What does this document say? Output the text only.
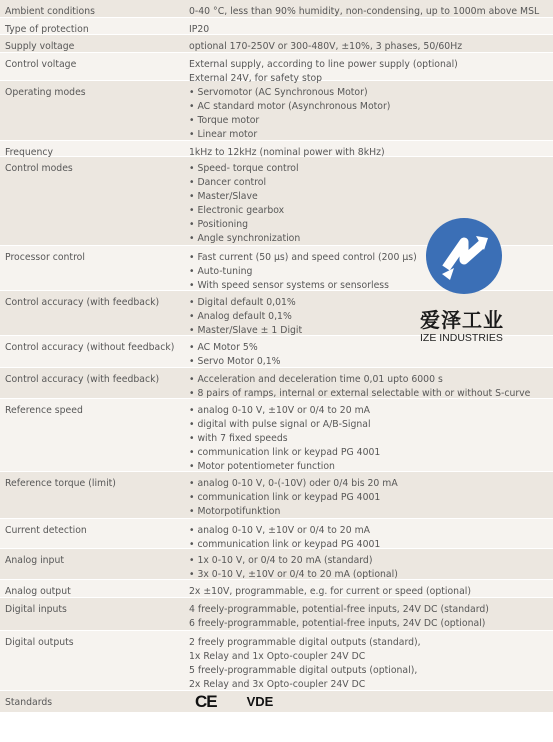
Ambient conditions	0-40 °C, less than 90% humidity, non-condensing, up to 1000m above MSL
Type of protection	IP20
Supply voltage	optional 170-250V or 300-480V, ±10%, 3 phases, 50/60Hz
Control voltage	External supply, according to line power supply (optional)
External 24V, for safety stop
Operating modes	• Servomotor (AC Synchronous Motor)
• AC standard motor (Asynchronous Motor)
• Torque motor
• Linear motor
Frequency	1kHz to 12kHz (nominal power with 8kHz)
Control modes	• Speed- torque control
• Dancer control
• Master/Slave
• Electronic gearbox
• Positioning
• Angle synchronization
Processor control	• Fast current (50 µs) and speed control (200 µs)
• Auto-tuning
• With speed sensor systems or sensorless
Control accuracy (with feedback)	• Digital default 0,01%
• Analog default 0,1%
• Master/Slave ± 1 Digit
Control accuracy (without feedback)	• AC Motor 5%
• Servo Motor 0,1%
Control accuracy (with feedback)	• Acceleration and deceleration time 0,01 upto 6000 s
• 8 pairs of ramps, internal or external selectable with or without S-curve
Reference speed	• analog 0-10 V, ±10V or 0/4 to 20 mA
• digital with pulse signal or A/B-Signal
• with 7 fixed speeds
• communication link or keypad PG 4001
• Motor potentiometer function
Reference torque (limit)	• analog 0-10 V, 0-(-10V) oder 0/4 bis 20 mA
• communication link or keypad PG 4001
• Motorpotifunktion
Current detection	• analog 0-10 V, ±10V or 0/4 to 20 mA
• communication link or keypad PG 4001
Analog input	• 1x 0-10 V, or 0/4 to 20 mA (standard)
• 3x 0-10 V, ±10V or 0/4 to 20 mA (optional)
Analog output	2x ±10V, programmable, e.g. for current or speed (optional)
Digital inputs	4 freely-programmable, potential-free inputs, 24V DC (standard)
6 freely-programmable, potential-free inputs, 24V DC (optional)
Digital outputs	2 freely programmable digital outputs (standard),
1x Relay and 1x Opto-coupler 24V DC
5 freely-programmable digital outputs (optional),
2x Relay and 3x Opto-coupler 24V DC
Standards	CE VDE
爱泽工业
IZE INDUSTRIES
